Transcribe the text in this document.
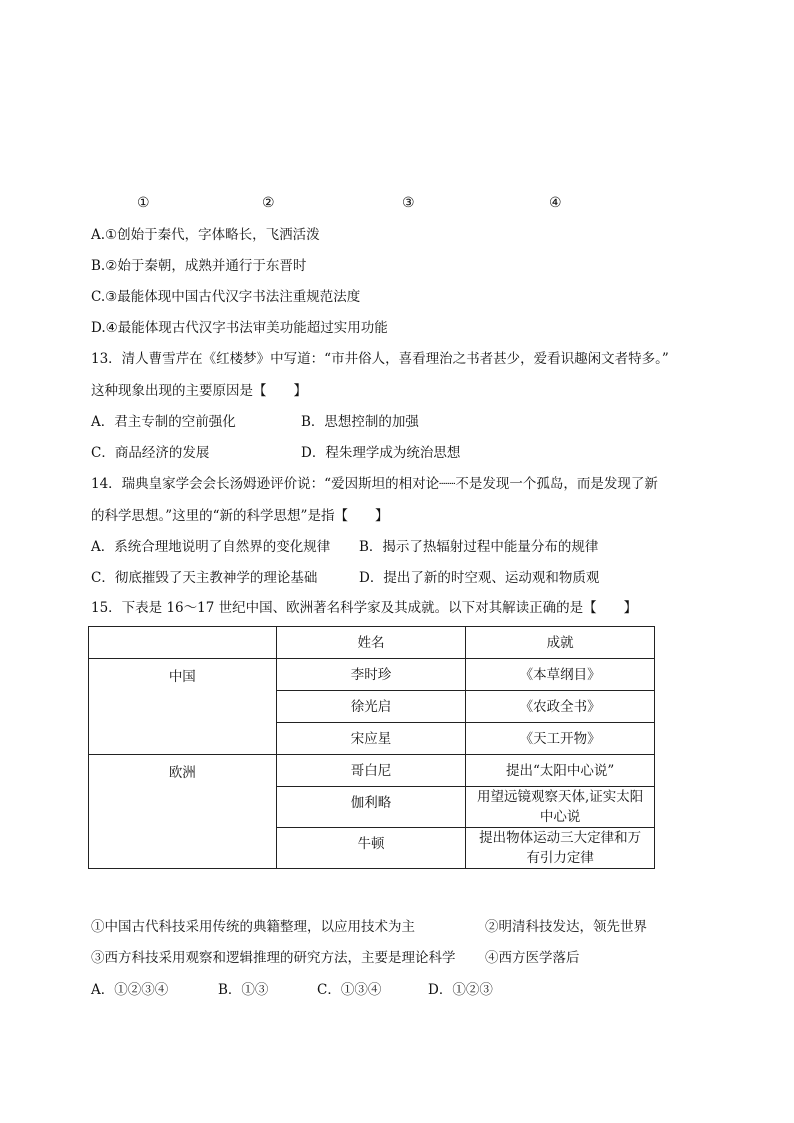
①	②	③	④
A.①创始于秦代，字体略长，飞洒活泼
B.②始于秦朝，成熟并通行于东晋时
C.③最能体现中国古代汉字书法注重规范法度
D.④最能体现古代汉字书法审美功能超过实用功能
13．清人曹雪芹在《红楼梦》中写道：“市井俗人，喜看理治之书者甚少，爱看识趣闲文者特多。”
这种现象出现的主要原因是【　　】
A．君主专制的空前强化	B．思想控制的加强
C．商品经济的发展	D．程朱理学成为统治思想
14．瑞典皇家学会会长汤姆逊评价说：“爱因斯坦的相对论┈┈不是发现一个孤岛，而是发现了新
的科学思想。”这里的“新的科学思想”是指【　　】
A．系统合理地说明了自然界的变化规律 B．揭示了热辐射过程中能量分布的规律
C．彻底摧毁了天主教神学的理论基础	D．提出了新的时空观、运动观和物质观
15．下表是 16～17 世纪中国、欧洲著名科学家及其成就。以下对其解读正确的是【　　】
	姓名	成就
中国	李时珍	《本草纲目》
	徐光启	《农政全书》
	宋应星	《天工开物》
欧洲	哥白尼	提出“太阳中心说”
	伽利略	用望远镜观察天体,证实太阳
中心说

	牛顿	提出物体运动三大定律和万
有引力定律
①中国古代科技采用传统的典籍整理，以应用技术为主	②明清科技发达，领先世界
③西方科技采用观察和逻辑推理的研究方法，主要是理论科学 ④西方医学落后
A．①②③④	B．①③	C．①③④	D．①②③
